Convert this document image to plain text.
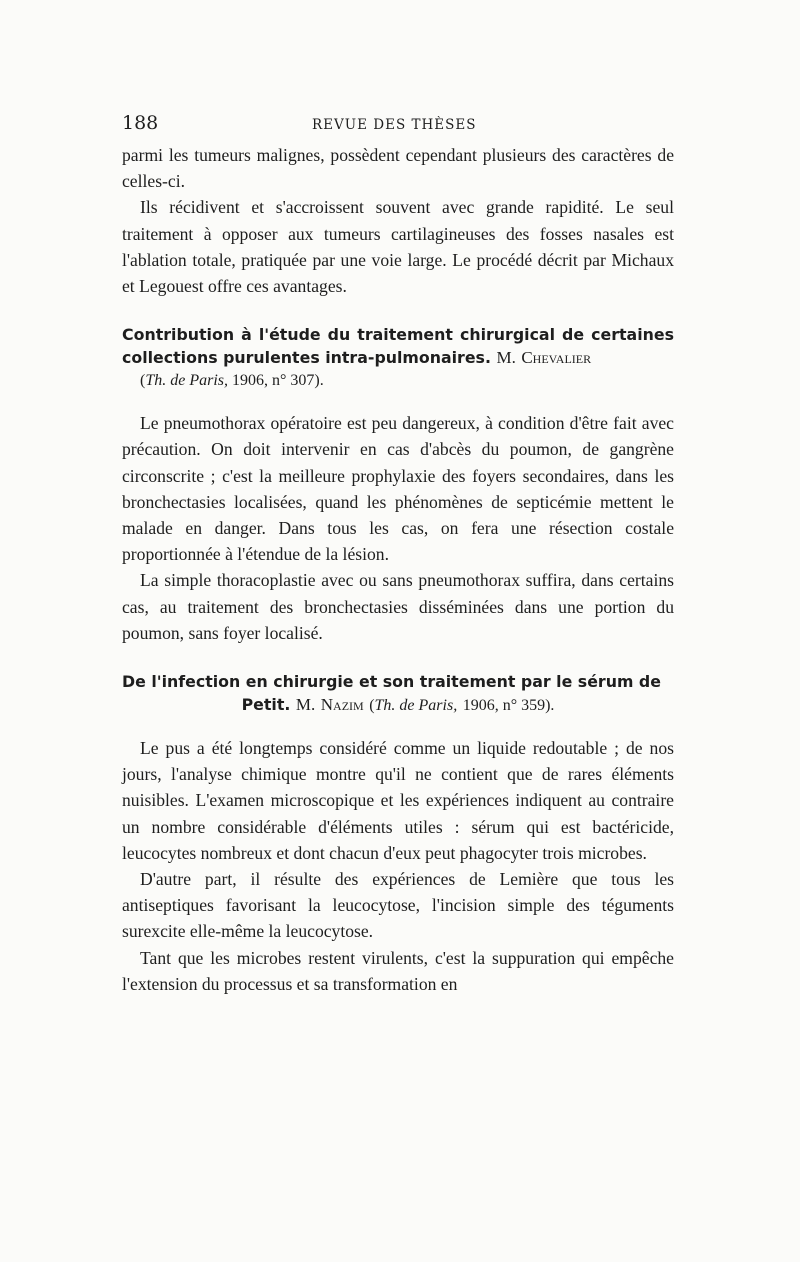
188	REVUE DES THÈSES

parmi les tumeurs malignes, possèdent cependant plusieurs des caractères de celles-ci.

Ils récidivent et s'accroissent souvent avec grande rapidité. Le seul traitement à opposer aux tumeurs cartilagineuses des fosses nasales est l'ablation totale, pratiquée par une voie large. Le procédé décrit par Michaux et Legouest offre ces avantages.

Contribution à l'étude du traitement chirurgical de certaines collections purulentes intra-pulmonaires. M. Chevalier
(Th. de Paris, 1906, n° 307).

Le pneumothorax opératoire est peu dangereux, à condition d'être fait avec précaution. On doit intervenir en cas d'abcès du poumon, de gangrène circonscrite ; c'est la meilleure prophylaxie des foyers secondaires, dans les bronchectasies localisées, quand les phénomènes de septicémie mettent le malade en danger. Dans tous les cas, on fera une résection costale proportionnée à l'étendue de la lésion.

La simple thoracoplastie avec ou sans pneumothorax suffira, dans certains cas, au traitement des bronchectasies disséminées dans une portion du poumon, sans foyer localisé.

De l'infection en chirurgie et son traitement par le sérum de
Petit. M. Nazim (Th. de Paris, 1906, n° 359).

Le pus a été longtemps considéré comme un liquide redoutable ; de nos jours, l'analyse chimique montre qu'il ne contient que de rares éléments nuisibles. L'examen microscopique et les expériences indiquent au contraire un nombre considérable d'éléments utiles : sérum qui est bactéricide, leucocytes nombreux et dont chacun d'eux peut phagocyter trois microbes.

D'autre part, il résulte des expériences de Lemière que tous les antiseptiques favorisant la leucocytose, l'incision simple des téguments surexcite elle-même la leucocytose.

Tant que les microbes restent virulents, c'est la suppuration qui empêche l'extension du processus et sa transformation en
